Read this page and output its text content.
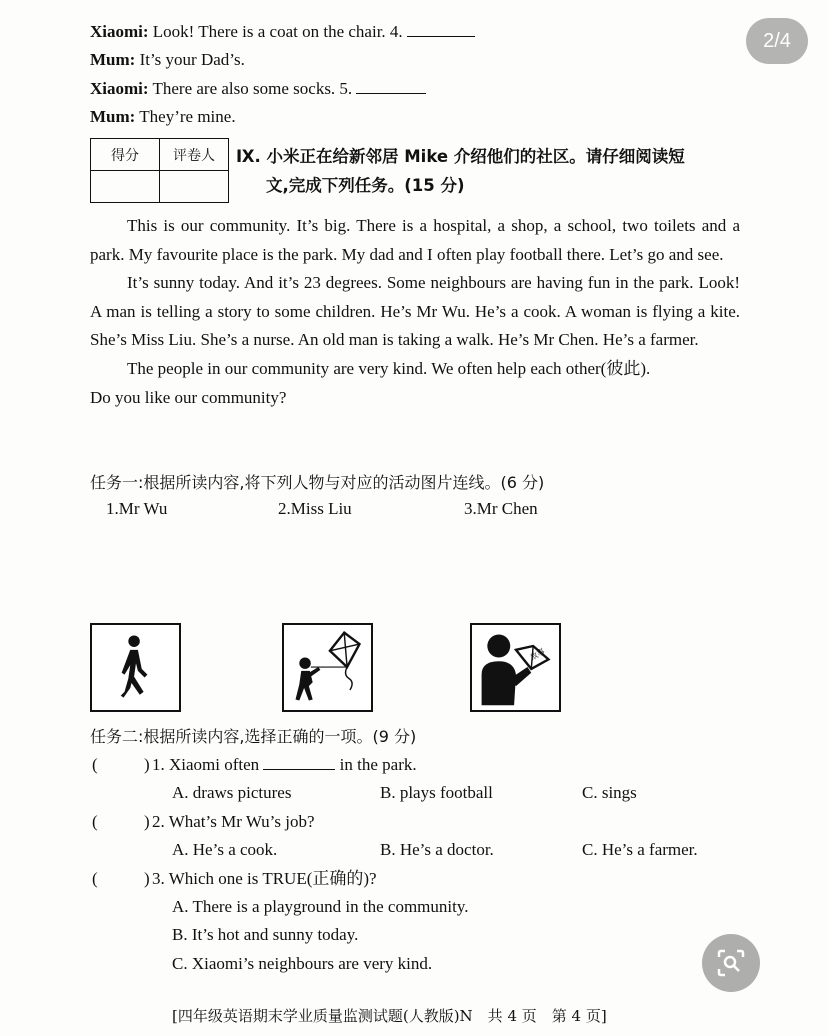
Xiaomi: Look! There is a coat on the chair. 4.
Mum: It’s your Dad’s.
Xiaomi: There are also some socks. 5.
Mum: They’re mine.
得分	评卷人
	Ⅸ. 小米正在给新邻居 Mike 介绍他们的社区。请仔细阅读短
文,完成下列任务。(15 分)

This is our community. It’s big. There is a hospital, a shop, a school, two toilets and a park. My favourite place is the park. My dad and I often play football there. Let’s go and see.

It’s sunny today. And it’s 23 degrees. Some neighbours are having fun in the park. Look! A man is telling a story to some children. He’s Mr Wu. He’s a cook. A woman is flying a kite. She’s Miss Liu. She’s a nurse. An old man is taking a walk. He’s Mr Chen. He’s a farmer.

The people in our community are very kind. We often help each other(彼此).

Do you like our community?

任务一:根据所读内容,将下列人物与对应的活动图片连线。(6 分)
1.Mr Wu	2.Miss Liu	3.Mr Chen
故事
任务二:根据所读内容,选择正确的一项。(9 分)
(	) 1. Xiaomi often	in the park.
A. draws pictures	B. plays football	C. sings
(	) 2. What’s Mr Wu’s job?
A. He’s a cook.	B. He’s a doctor.	C. He’s a farmer.
(	) 3. Which one is TRUE(正确的)?
A. There is a playground in the community.
B. It’s hot and sunny today.
C. Xiaomi’s neighbours are very kind.
[四年级英语期末学业质量监测试题(人教版)N　共 4 页　第 4 页]
2/4
